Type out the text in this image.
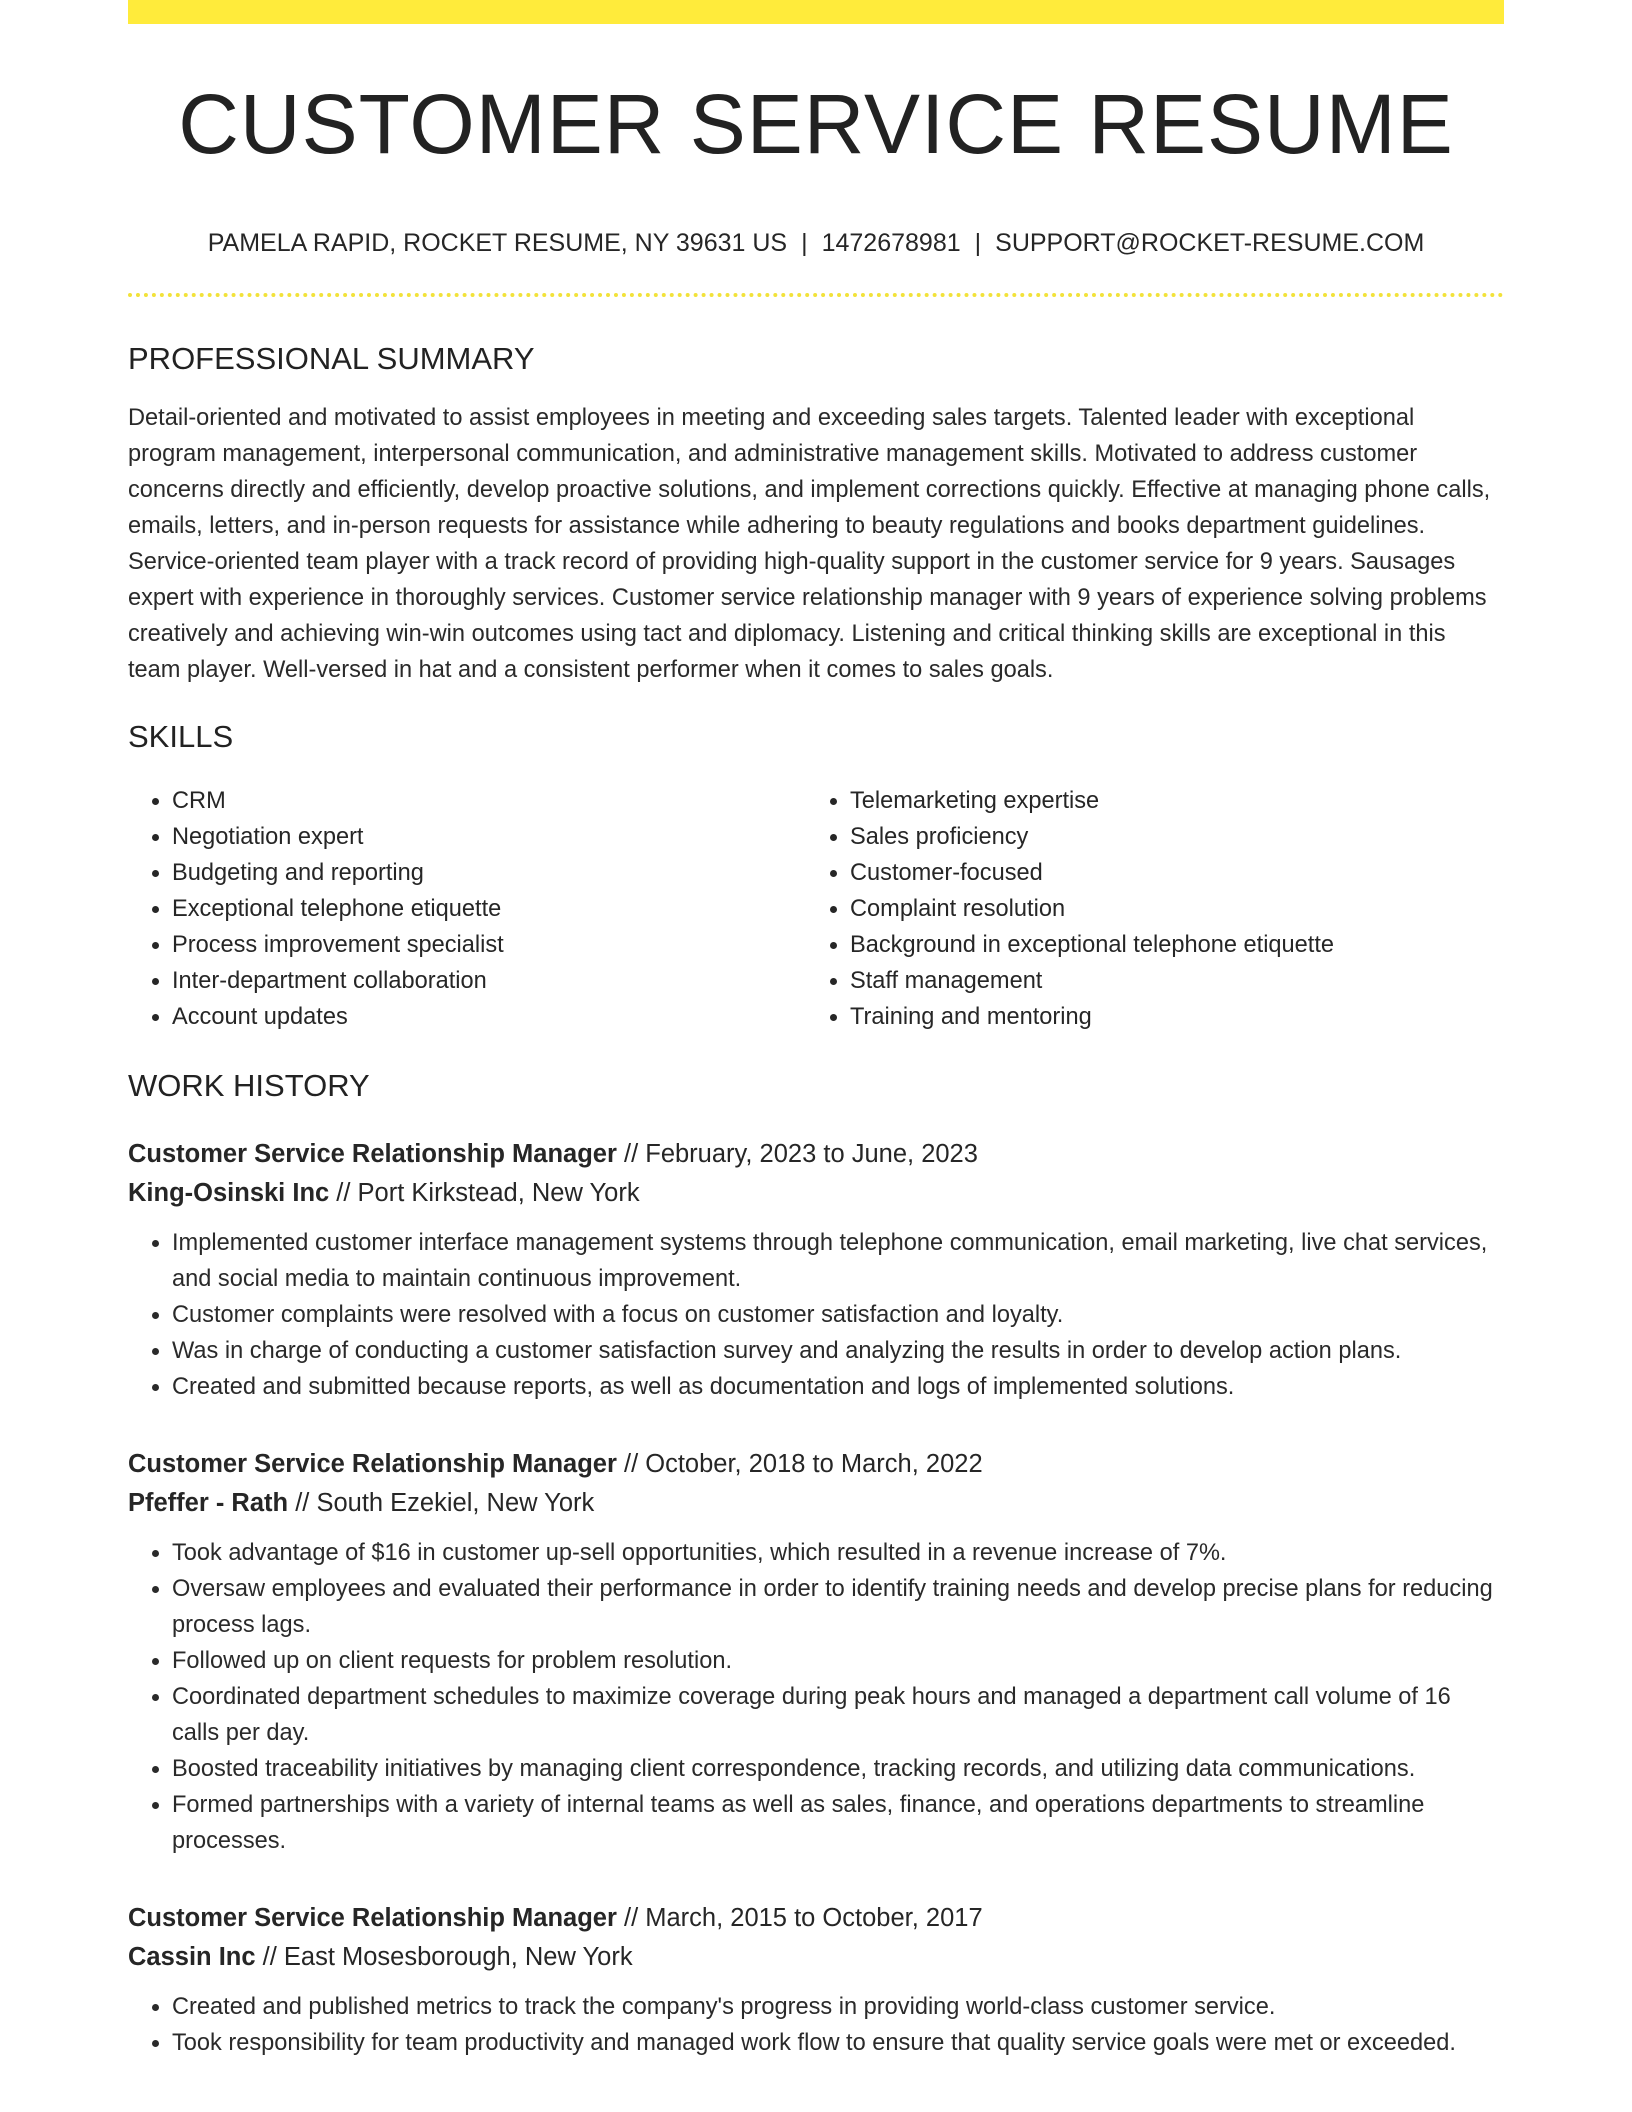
CUSTOMER SERVICE RESUME
PAMELA RAPID, ROCKET RESUME, NY 39631 US | 1472678981 | SUPPORT@ROCKET-RESUME.COM
PROFESSIONAL SUMMARY

Detail-oriented and motivated to assist employees in meeting and exceeding sales targets. Talented leader with exceptional program management, interpersonal communication, and administrative management skills. Motivated to address customer concerns directly and efficiently, develop proactive solutions, and implement corrections quickly. Effective at managing phone calls, emails, letters, and in-person requests for assistance while adhering to beauty regulations and books department guidelines. Service-oriented team player with a track record of providing high-quality support in the customer service for 9 years. Sausages expert with experience in thoroughly services. Customer service relationship manager with 9 years of experience solving problems creatively and achieving win-win outcomes using tact and diplomacy. Listening and critical thinking skills are exceptional in this team player. Well-versed in hat and a consistent performer when it comes to sales goals.

SKILLS
• CRM
• Negotiation expert
• Budgeting and reporting
• Exceptional telephone etiquette
• Process improvement specialist
• Inter-department collaboration
• Account updates
• Telemarketing expertise
• Sales proficiency
• Customer-focused
• Complaint resolution
• Background in exceptional telephone etiquette
• Staff management
• Training and mentoring
WORK HISTORY
Customer Service Relationship Manager // February, 2023 to June, 2023
King-Osinski Inc // Port Kirkstead, New York
• Implemented customer interface management systems through telephone communication, email marketing, live chat services, and social media to maintain continuous improvement.
• Customer complaints were resolved with a focus on customer satisfaction and loyalty.
• Was in charge of conducting a customer satisfaction survey and analyzing the results in order to develop action plans.
• Created and submitted because reports, as well as documentation and logs of implemented solutions.
Customer Service Relationship Manager // October, 2018 to March, 2022
Pfeffer - Rath // South Ezekiel, New York
• Took advantage of $16 in customer up-sell opportunities, which resulted in a revenue increase of 7%.
• Oversaw employees and evaluated their performance in order to identify training needs and develop precise plans for reducing process lags.
• Followed up on client requests for problem resolution.
• Coordinated department schedules to maximize coverage during peak hours and managed a department call volume of 16 calls per day.
• Boosted traceability initiatives by managing client correspondence, tracking records, and utilizing data communications.
• Formed partnerships with a variety of internal teams as well as sales, finance, and operations departments to streamline processes.
Customer Service Relationship Manager // March, 2015 to October, 2017
Cassin Inc // East Mosesborough, New York
• Created and published metrics to track the company's progress in providing world-class customer service.
• Took responsibility for team productivity and managed work flow to ensure that quality service goals were met or exceeded.
